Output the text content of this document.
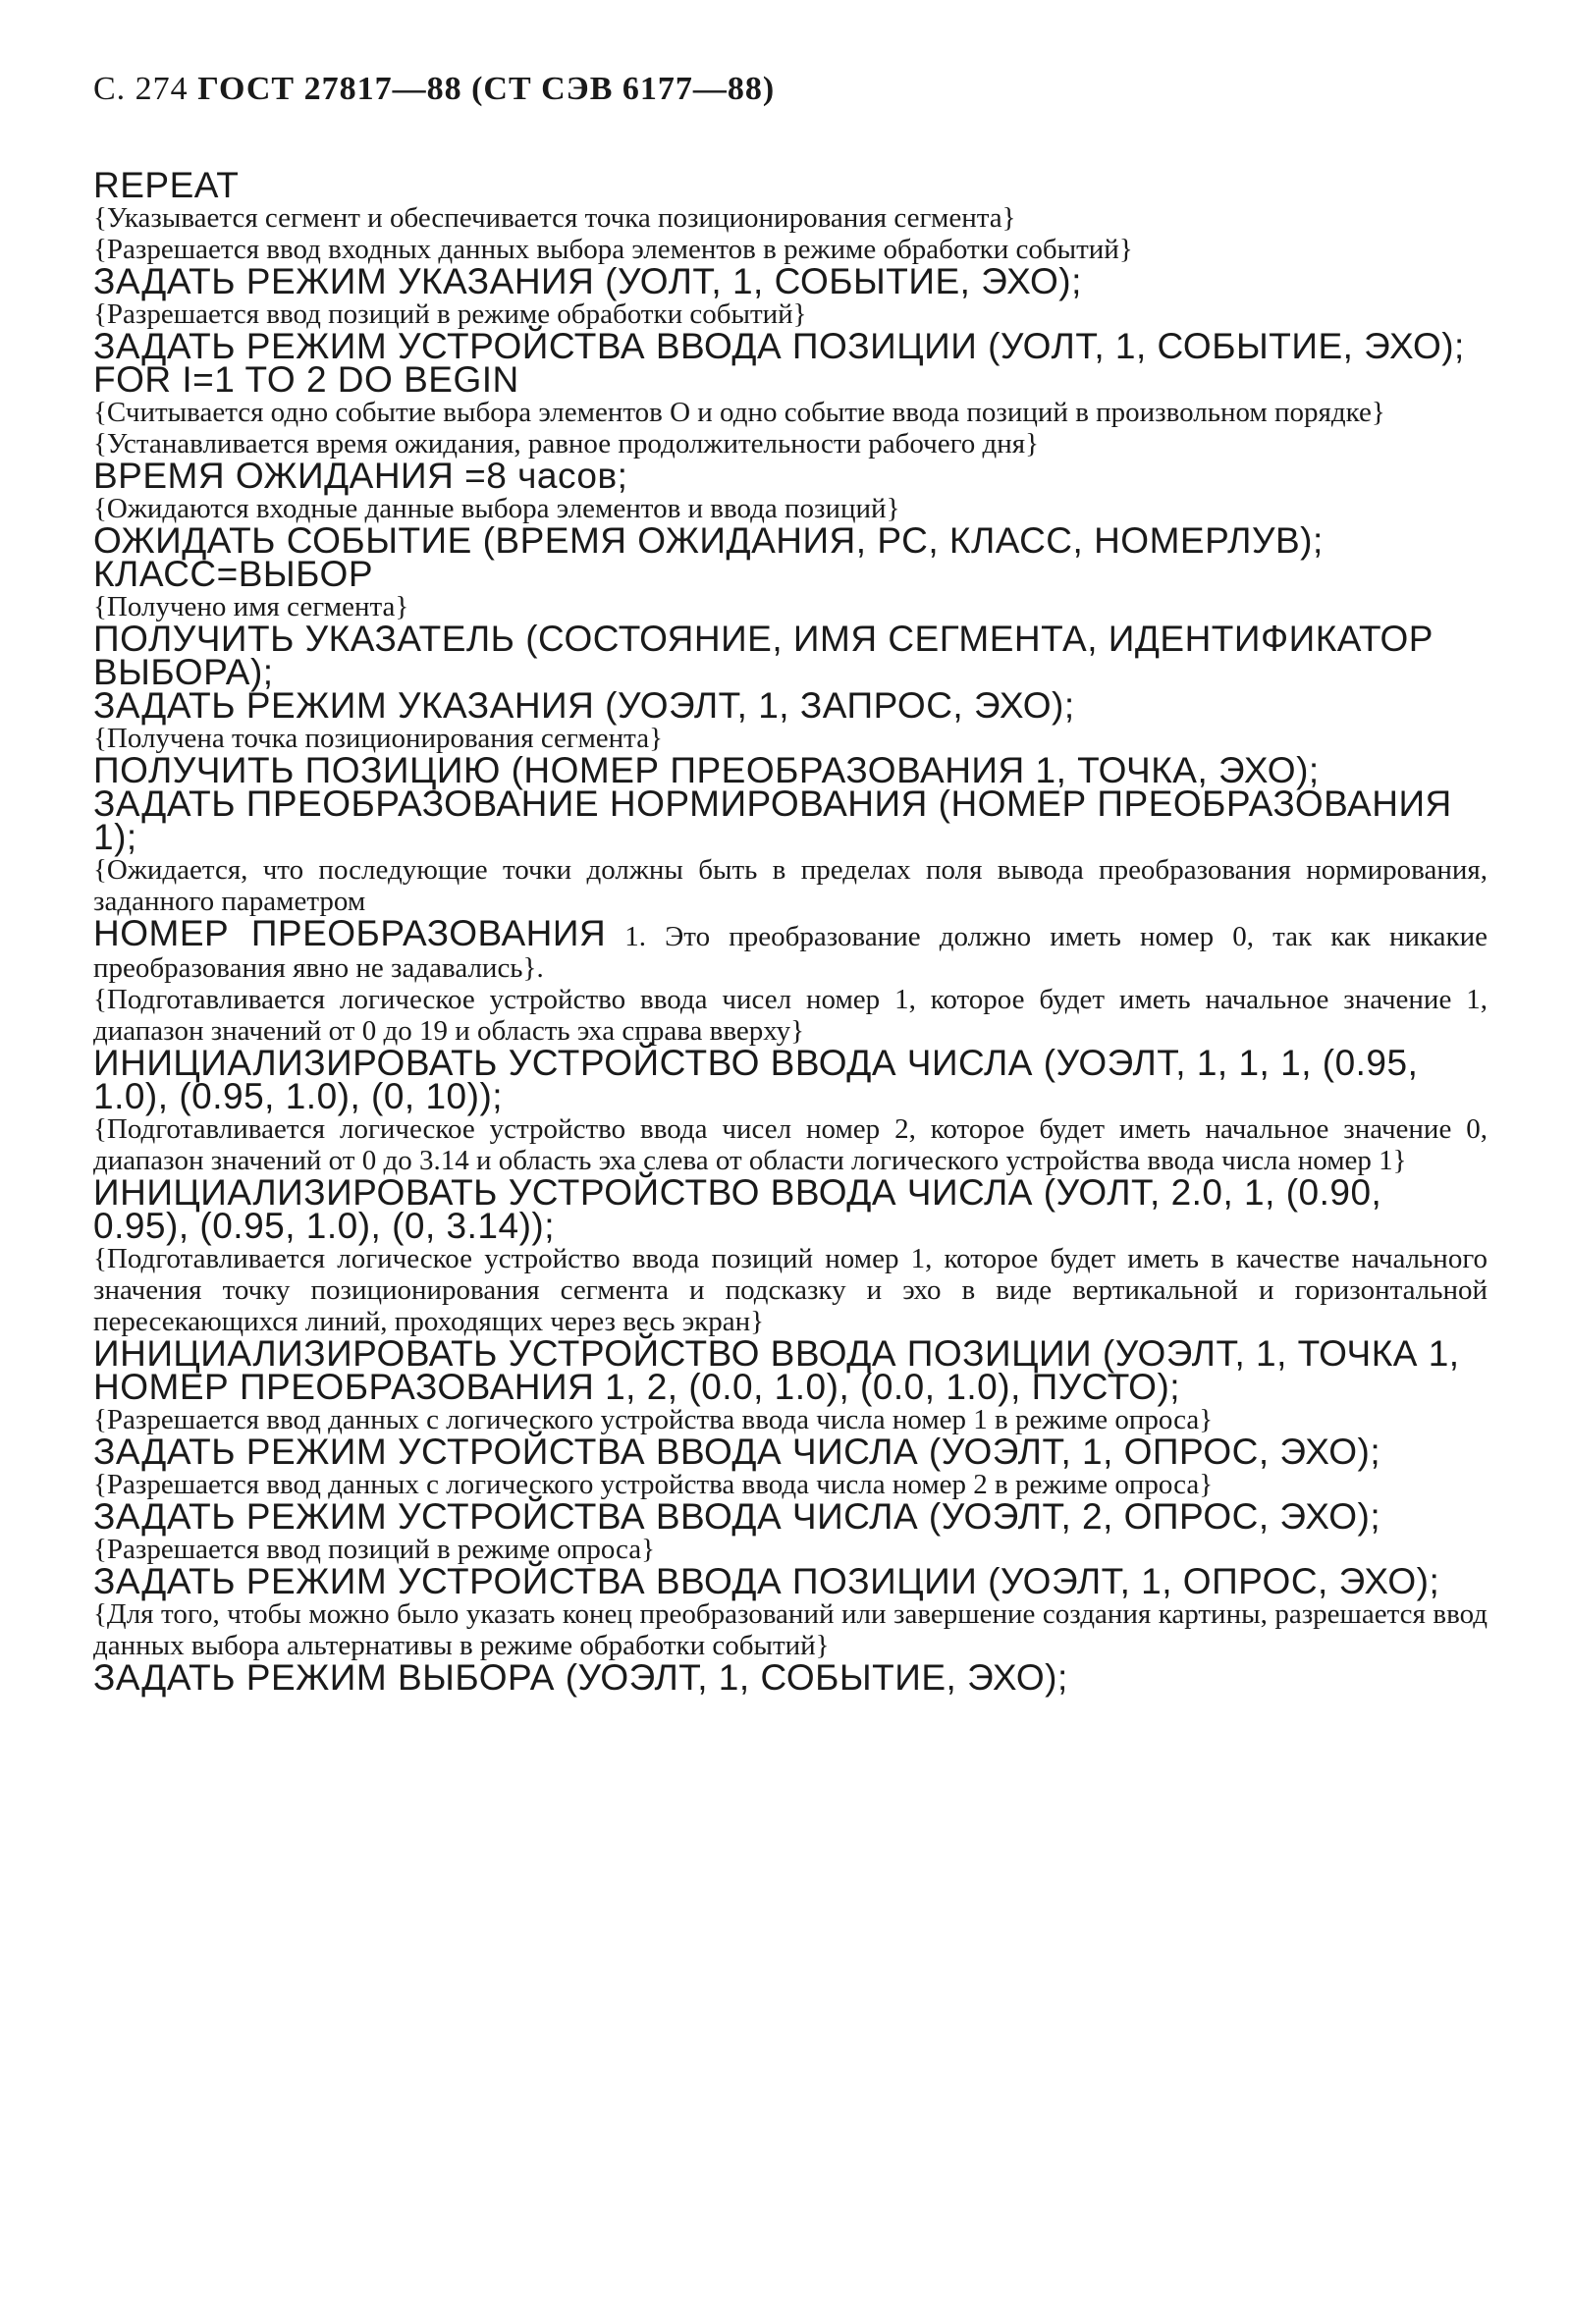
С. 274 ГОСТ 27817—88 (СТ СЭВ 6177—88)
REPEAT
{Указывается сегмент и обеспечивается точка позиционирования сегмента}
{Разрешается ввод входных данных выбора элементов в режиме обработки событий}
ЗАДАТЬ РЕЖИМ УКАЗАНИЯ (УОЛТ, 1, СОБЫТИЕ, ЭХО);
{Разрешается ввод позиций в режиме обработки событий}
ЗАДАТЬ РЕЖИМ УСТРОЙСТВА ВВОДА ПОЗИЦИИ (УОЛТ, 1, СОБЫТИЕ, ЭХО);
FOR I=1 TO 2 DO BEGIN
{Считывается одно событие выбора элементов О и одно событие ввода позиций в произвольном порядке}
{Устанавливается время ожидания, равное продолжительности рабочего дня}
ВРЕМЯ ОЖИДАНИЯ =8 часов;
{Ожидаются входные данные выбора элементов и ввода позиций}
ОЖИДАТЬ СОБЫТИЕ (ВРЕМЯ ОЖИДАНИЯ, РС, КЛАСС, НОМЕРЛУВ);
КЛАСС=ВЫБОР
{Получено имя сегмента}
ПОЛУЧИТЬ УКАЗАТЕЛЬ (СОСТОЯНИЕ, ИМЯ СЕГМЕНТА, ИДЕНТИФИКАТОР ВЫБОРА);
ЗАДАТЬ РЕЖИМ УКАЗАНИЯ (УОЭЛТ, 1, ЗАПРОС, ЭХО);
{Получена точка позиционирования сегмента}
ПОЛУЧИТЬ ПОЗИЦИЮ (НОМЕР ПРЕОБРАЗОВАНИЯ 1, ТОЧКА, ЭХО);
ЗАДАТЬ ПРЕОБРАЗОВАНИЕ НОРМИРОВАНИЯ (НОМЕР ПРЕОБРАЗОВАНИЯ 1);
{Ожидается, что последующие точки должны быть в пределах поля вывода преобразования нормирования, заданного параметром
НОМЕР ПРЕОБРАЗОВАНИЯ 1. Это преобразование должно иметь номер 0, так как никакие преобразования явно не задавались}.
{Подготавливается логическое устройство ввода чисел номер 1, которое будет иметь начальное значение 1, диапазон значений от 0 до 19 и область эха справа вверху}
ИНИЦИАЛИЗИРОВАТЬ УСТРОЙСТВО ВВОДА ЧИСЛА (УОЭЛТ, 1, 1, 1, (0.95, 1.0), (0.95, 1.0), (0, 10));
{Подготавливается логическое устройство ввода чисел номер 2, которое будет иметь начальное значение 0, диапазон значений от 0 до 3.14 и область эха слева от области логического устройства ввода числа номер 1}
ИНИЦИАЛИЗИРОВАТЬ УСТРОЙСТВО ВВОДА ЧИСЛА (УОЛТ, 2.0, 1, (0.90, 0.95), (0.95, 1.0), (0, 3.14));
{Подготавливается логическое устройство ввода позиций номер 1, которое будет иметь в качестве начального значения точку позиционирования сегмента и подсказку и эхо в виде вертикальной и горизонтальной пересекающихся линий, проходящих через весь экран}
ИНИЦИАЛИЗИРОВАТЬ УСТРОЙСТВО ВВОДА ПОЗИЦИИ (УОЭЛТ, 1, ТОЧКА 1, НОМЕР ПРЕОБРАЗОВАНИЯ 1, 2, (0.0, 1.0), (0.0, 1.0), ПУСТО);
{Разрешается ввод данных с логического устройства ввода числа номер 1 в режиме опроса}
ЗАДАТЬ РЕЖИМ УСТРОЙСТВА ВВОДА ЧИСЛА (УОЭЛТ, 1, ОПРОС, ЭХО);
{Разрешается ввод данных с логического устройства ввода числа номер 2 в режиме опроса}
ЗАДАТЬ РЕЖИМ УСТРОЙСТВА ВВОДА ЧИСЛА (УОЭЛТ, 2, ОПРОС, ЭХО);
{Разрешается ввод позиций в режиме опроса}
ЗАДАТЬ РЕЖИМ УСТРОЙСТВА ВВОДА ПОЗИЦИИ (УОЭЛТ, 1, ОПРОС, ЭХО);
{Для того, чтобы можно было указать конец преобразований или завершение создания картины, разрешается ввод данных выбора альтернативы в режиме обработки событий}
ЗАДАТЬ РЕЖИМ ВЫБОРА (УОЭЛТ, 1, СОБЫТИЕ, ЭХО);
